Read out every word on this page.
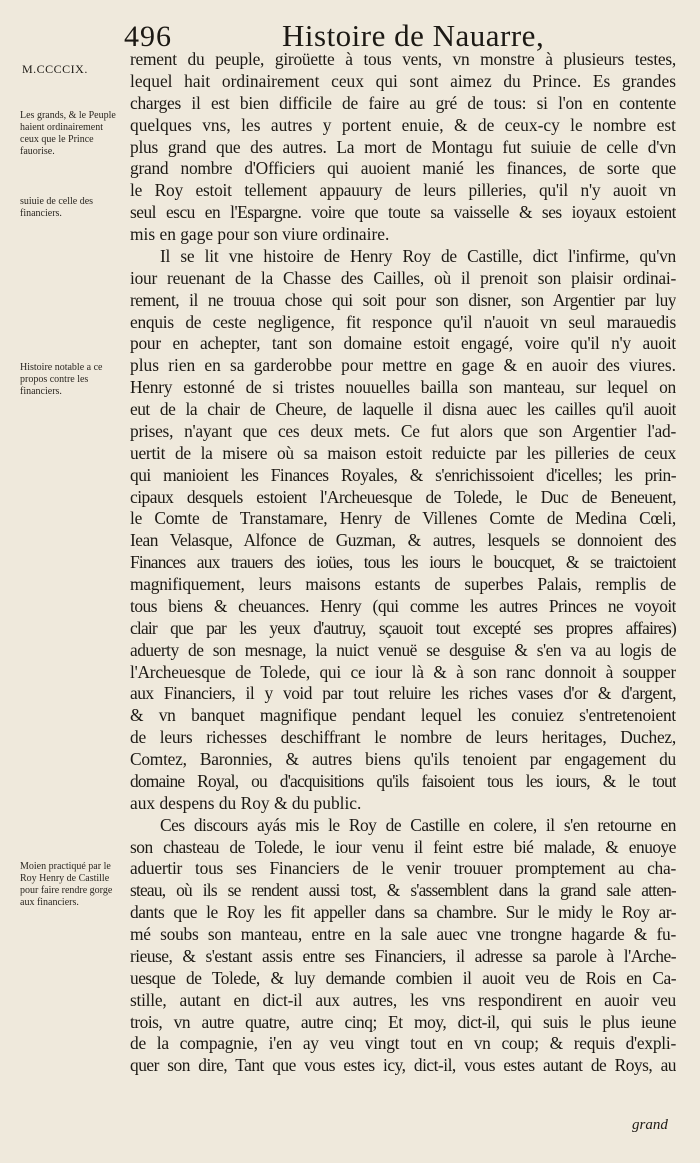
496	Histoire de Nauarre,
M.CCCCIX.
Les grands, & le Peuple haient ordinairement ceux que le Prince fauorise.
suiuie de celle des financiers.
Histoire notable a ce propos contre les financiers.
Moien practiqué par le Roy Henry de Castille pour faire rendre gorge aux financiers.
rement du peuple, giroüette à tous vents, vn monstre à plusieurs testes,
lequel hait ordinairement ceux qui sont aimez du Prince. Es grandes
charges il est bien difficile de faire au gré de tous: si l'on en contente
quelques vns, les autres y portent enuie, & de ceux-cy le nombre est
plus grand que des autres. La mort de Montagu fut suiuie de celle d'vn
grand nombre d'Officiers qui auoient manié les finances, de sorte que
le Roy estoit tellement appauury de leurs pilleries, qu'il n'y auoit vn
seul escu en l'Espargne. voire que toute sa vaisselle & ses ioyaux estoient
mis en gage pour son viure ordinaire.
Il se lit vne histoire de Henry Roy de Castille, dict l'infirme, qu'vn
iour reuenant de la Chasse des Cailles, où il prenoit son plaisir ordinai-
rement, il ne trouua chose qui soit pour son disner, son Argentier par luy
enquis de ceste negligence, fit responce qu'il n'auoit vn seul marauedis
pour en achepter, tant son domaine estoit engagé, voire qu'il n'y auoit
plus rien en sa garderobbe pour mettre en gage & en auoir des viures.
Henry estonné de si tristes nouuelles bailla son manteau, sur lequel on
eut de la chair de Cheure, de laquelle il disna auec les cailles qu'il auoit
prises, n'ayant que ces deux mets. Ce fut alors que son Argentier l'ad-
uertit de la misere où sa maison estoit reduicte par les pilleries de ceux
qui manioient les Finances Royales, & s'enrichissoient d'icelles; les prin-
cipaux desquels estoient l'Archeuesque de Tolede, le Duc de Beneuent,
le Comte de Transtamare, Henry de Villenes Comte de Medina Cœli,
Iean Velasque, Alfonce de Guzman, & autres, lesquels se donnoient des
Finances aux trauers des ioües, tous les iours le boucquet, & se traictoient
magnifiquement, leurs maisons estants de superbes Palais, remplis de
tous biens & cheuances. Henry (qui comme les autres Princes ne voyoit
clair que par les yeux d'autruy, sçauoit tout excepté ses propres affaires)
aduerty de son mesnage, la nuict venuë se desguise & s'en va au logis de
l'Archeuesque de Tolede, qui ce iour là & à son ranc donnoit à soupper
aux Financiers, il y void par tout reluire les riches vases d'or & d'argent,
& vn banquet magnifique pendant lequel les conuiez s'entretenoient
de leurs richesses deschiffrant le nombre de leurs heritages, Duchez,
Comtez, Baronnies, & autres biens qu'ils tenoient par engagement du
domaine Royal, ou d'acquisitions qu'ils faisoient tous les iours, & le tout
aux despens du Roy & du public.
Ces discours ayás mis le Roy de Castille en colere, il s'en retourne en
son chasteau de Tolede, le iour venu il feint estre bié malade, & enuoye
aduertir tous ses Financiers de le venir trouuer promptement au cha-
steau, où ils se rendent aussi tost, & s'assemblent dans la grand sale atten-
dants que le Roy les fit appeller dans sa chambre. Sur le midy le Roy ar-
mé soubs son manteau, entre en la sale auec vne trongne hagarde & fu-
rieuse, & s'estant assis entre ses Financiers, il adresse sa parole à l'Arche-
uesque de Tolede, & luy demande combien il auoit veu de Rois en Ca-
stille, autant en dict-il aux autres, les vns respondirent en auoir veu
trois, vn autre quatre, autre cinq; Et moy, dict-il, qui suis le plus ieune
de la compagnie, i'en ay veu vingt tout en vn coup; & requis d'expli-
quer son dire, Tant que vous estes icy, dict-il, vous estes autant de Roys, au
grand
